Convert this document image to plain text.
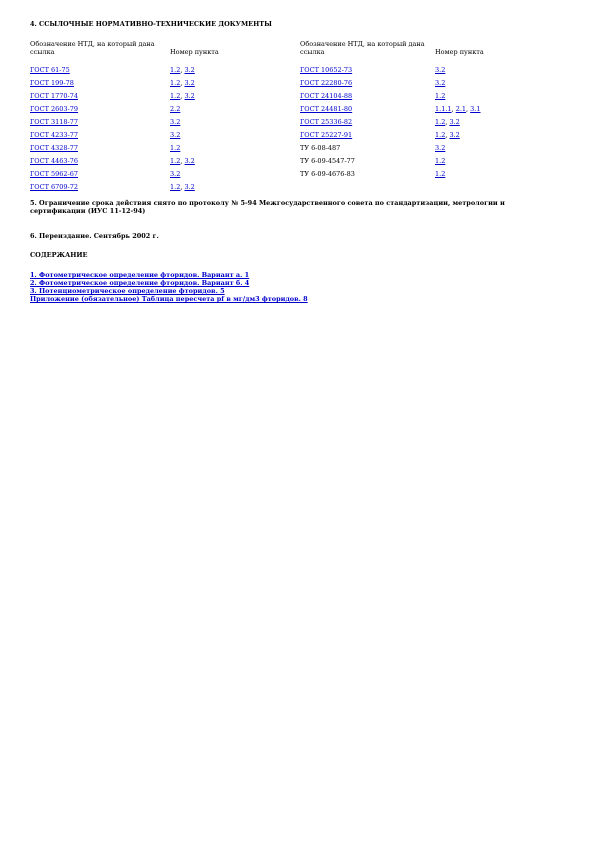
4. ССЫЛОЧНЫЕ НОРМАТИВНО-ТЕХНИЧЕСКИЕ ДОКУМЕНТЫ
Обозначение НТД, на который дана ссылка	Номер пункта	Обозначение НТД, на который дана ссылка	Номер пункта
ГОСТ 61-75	1.2, 3.2	ГОСТ 10652-73	3.2
ГОСТ 199-78	1.2, 3.2	ГОСТ 22280-76	3.2
ГОСТ 1770-74	1.2, 3.2	ГОСТ 24104-88	1.2
ГОСТ 2603-79	2.2	ГОСТ 24481-80	1.1.1, 2.1, 3.1
ГОСТ 3118-77	3.2	ГОСТ 25336-82	1.2, 3.2
ГОСТ 4233-77	3.2	ГОСТ 25227-91	1.2, 3.2
ГОСТ 4328-77	1.2	ТУ 6-08-487	3.2
ГОСТ 4463-76	1.2, 3.2	ТУ 6-09-4547-77	1.2
ГОСТ 5962-67	3.2	ТУ 6-09-4676-83	1.2
ГОСТ 6709-72	1.2, 3.2		
5. Ограничение срока действия снято по протоколу № 5-94 Межгосударственного совета по стандартизации, метрологии и сертификации (ИУС 11-12-94)
6. Переиздание. Сентябрь 2002 г.
СОДЕРЖАНИЕ
1. Фотометрическое определение фторидов. Вариант а. 1
2. Фотометрическое определение фторидов. Вариант б. 4
3. Потенциометрическое определение фторидов. 5
Приложение (обязательное) Таблица пересчета pf в мг/дм3 фторидов. 8
